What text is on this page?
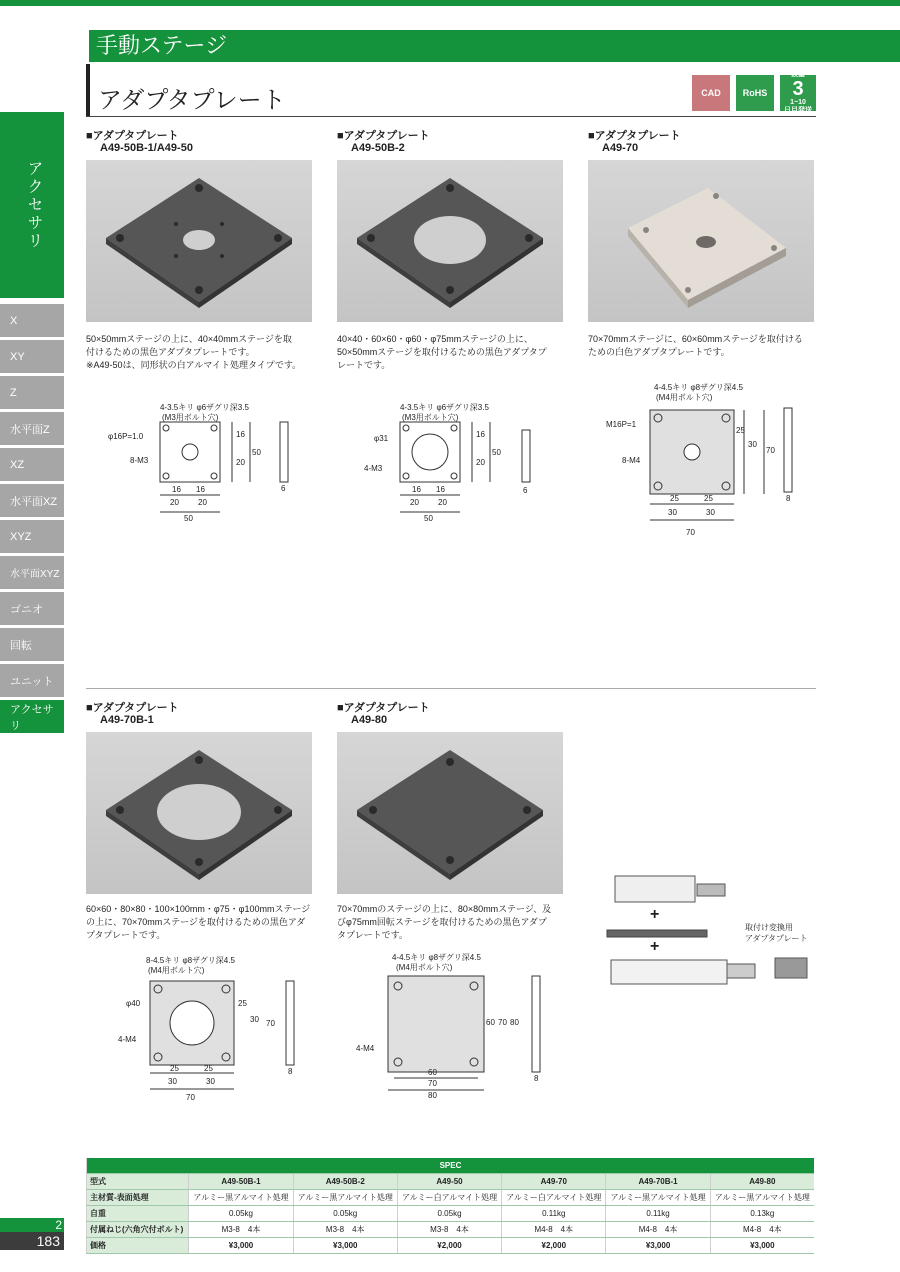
手動ステージ
アダプタプレート	CAD	RoHS
数量
3
1~10
日目発送
アクセサリ
X
XY
Z
水平面Z
XZ
水平面XZ
XYZ
水平面XYZ
ゴニオ
回転
ユニット
アクセサリ
2
183
■アダプタプレート
A49-50B-1/A49-50
50×50mmステージの上に、40×40mmステージを取
付けるための黒色アダプタプレートです。
※A49-50は、同形状の白アルマイト処理タイプです。
4-3.5キリ φ6ザグリ深3.5
(M3用ボルト穴)
φ16P=1.0
8-M3
16 16
20 20
50
16
20
50
6
■アダプタプレート
A49-50B-2
40×40・60×60・φ60・φ75mmステージの上に、
50×50mmステージを取付けるための黒色アダプタプ
レートです。
4-3.5キリ φ6ザグリ深3.5
(M3用ボルト穴)
φ31
4-M3
16 16
20 20
50
16
20
50
6
■アダプタプレート
A49-70
70×70mmステージに、60×60mmステージを取付ける
ための白色アダプタプレートです。
4-4.5キリ φ8ザグリ深4.5
(M4用ボルト穴)
M16P=1
8-M4
25	25
30	30
70
25
30
70
8
■アダプタプレート
A49-70B-1
60×60・80×80・100×100mm・φ75・φ100mmステージ
の上に、70×70mmステージを取付けるための黒色アダ
プタプレートです。
8-4.5キリ φ8ザグリ深4.5
(M4用ボルト穴)
φ40
4-M4
25	25
30	30
70
25
30 70
8
■アダプタプレート
A49-80
70×70mmのステージの上に、80×80mmステージ、及
びφ75mm回転ステージを取付けるための黒色アダプ
タプレートです。
4-4.5キリ φ8ザグリ深4.5
(M4用ボルト穴)
4-M4
60
70
80
60 70 80
8
+
+
取付け変換用
アダプタプレート
SPEC						
型式	A49-50B-1	A49-50B-2	A49-50	A49-70	A49-70B-1	A49-80
主材質-表面処理	アルミー黒アルマイト処理	アルミー黒アルマイト処理	アルミー白アルマイト処理	アルミー白アルマイト処理	アルミー黒アルマイト処理	アルミー黒アルマイト処理
自重	0.05kg	0.05kg	0.05kg	0.11kg	0.11kg	0.13kg
付属ねじ(六角穴付ボルト)	M3-8　4本	M3-8　4本	M3-8　4本	M4-8　4本	M4-8　4本	M4-8　4本
価格	¥3,000	¥3,000	¥2,000	¥2,000	¥3,000	¥3,000
